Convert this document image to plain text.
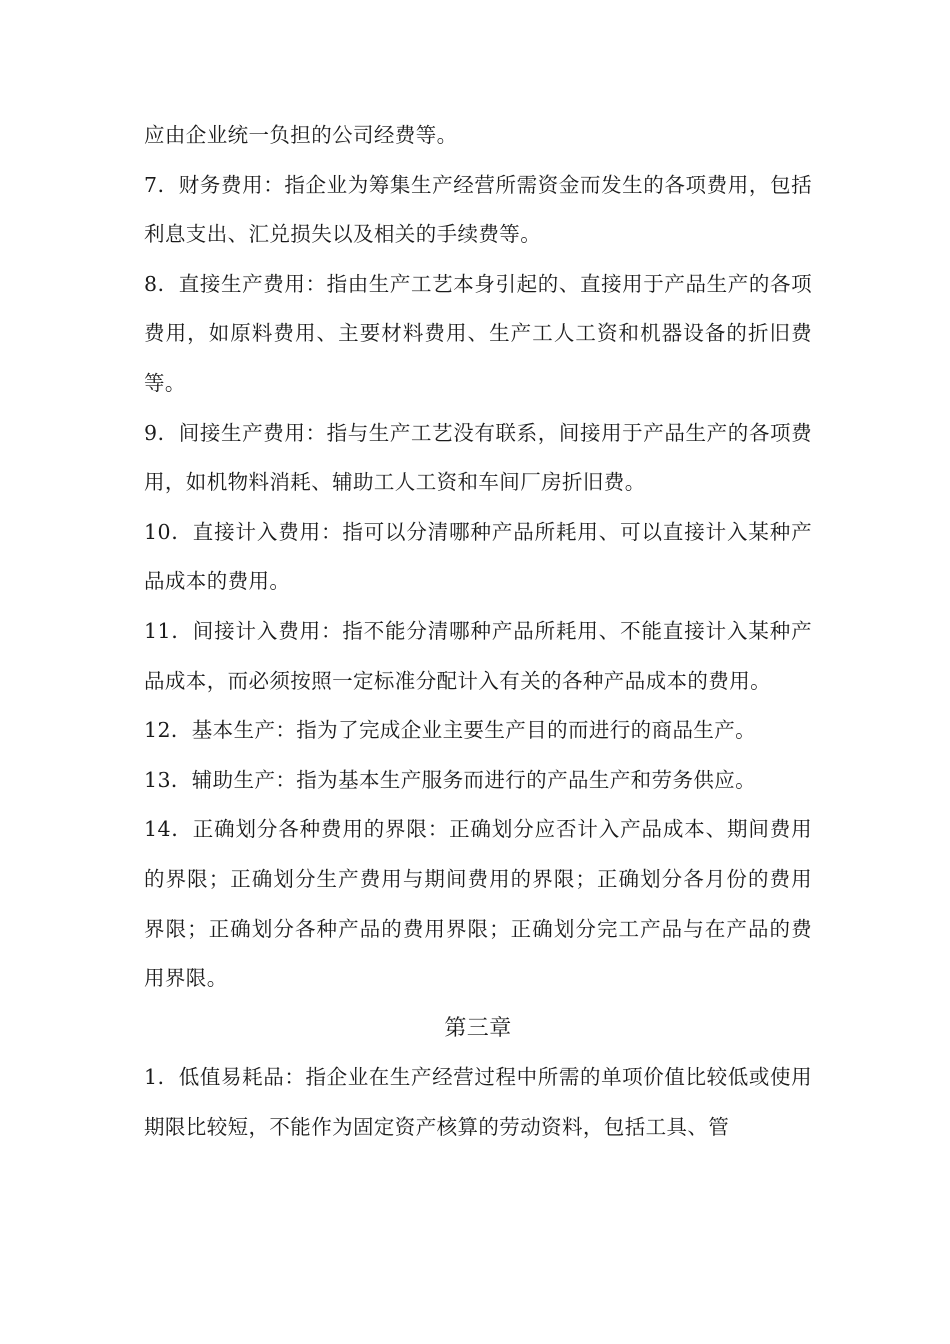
应由企业统一负担的公司经费等。

7．财务费用：指企业为筹集生产经营所需资金而发生的各项费用，包括利息支出、汇兑损失以及相关的手续费等。

8．直接生产费用：指由生产工艺本身引起的、直接用于产品生产的各项费用，如原料费用、主要材料费用、生产工人工资和机器设备的折旧费等。

9．间接生产费用：指与生产工艺没有联系，间接用于产品生产的各项费用，如机物料消耗、辅助工人工资和车间厂房折旧费。

10．直接计入费用：指可以分清哪种产品所耗用、可以直接计入某种产品成本的费用。

11．间接计入费用：指不能分清哪种产品所耗用、不能直接计入某种产品成本，而必须按照一定标准分配计入有关的各种产品成本的费用。

12．基本生产：指为了完成企业主要生产目的而进行的商品生产。

13．辅助生产：指为基本生产服务而进行的产品生产和劳务供应。

14．正确划分各种费用的界限：正确划分应否计入产品成本、期间费用的界限；正确划分生产费用与期间费用的界限；正确划分各月份的费用界限；正确划分各种产品的费用界限；正确划分完工产品与在产品的费用界限。

第三章

1．低值易耗品：指企业在生产经营过程中所需的单项价值比较低或使用期限比较短，不能作为固定资产核算的劳动资料，包括工具、管
